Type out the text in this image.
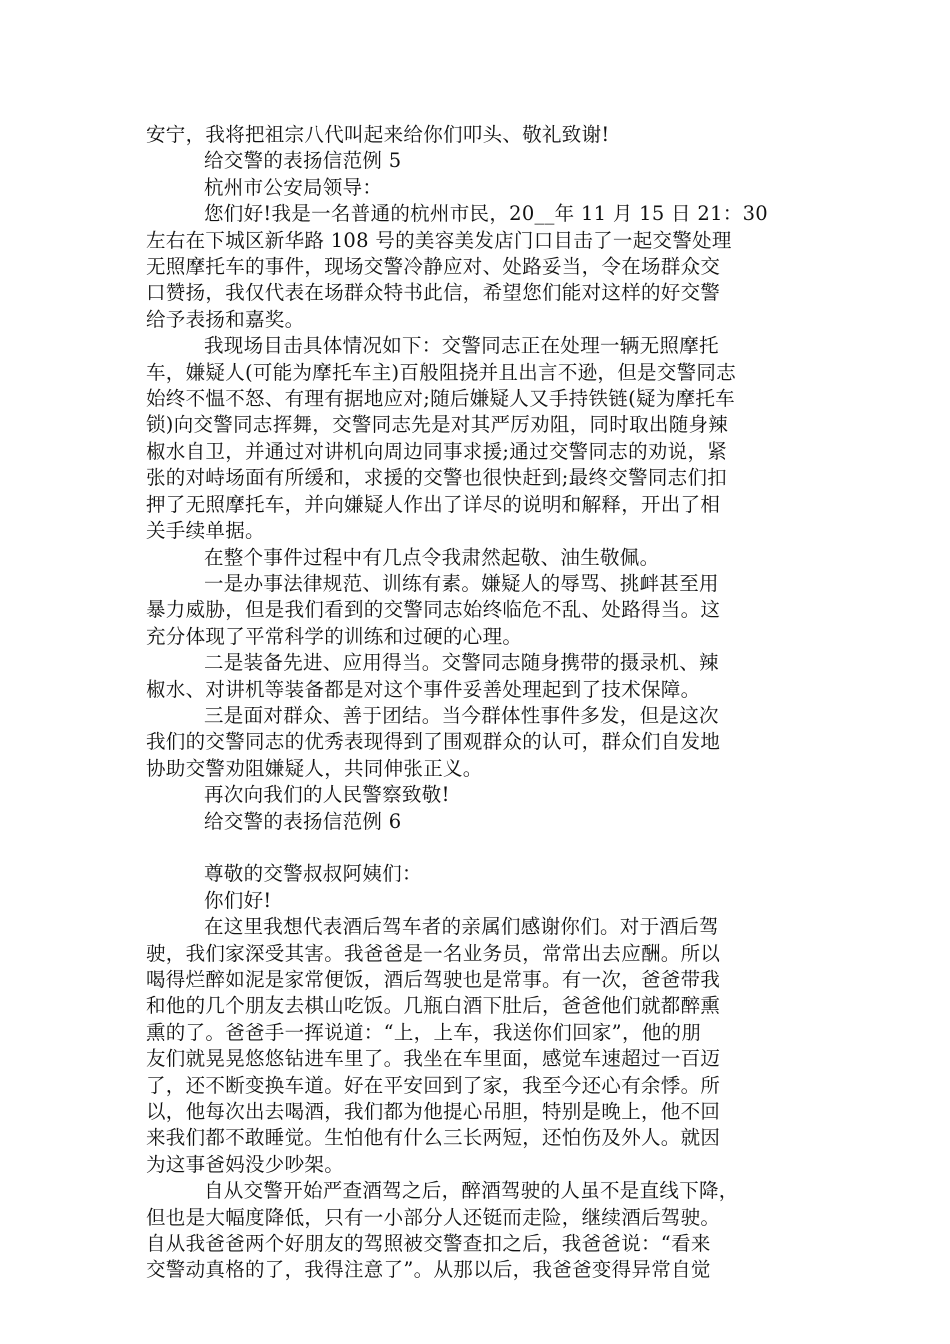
安宁，我将把祖宗八代叫起来给你们叩头、敬礼致谢!
给交警的表扬信范例 5
杭州市公安局领导：
您们好!我是一名普通的杭州市民，20__年 11 月 15 日 21：30
左右在下城区新华路 108 号的美容美发店门口目击了一起交警处理
无照摩托车的事件，现场交警冷静应对、处路妥当，令在场群众交
口赞扬，我仅代表在场群众特书此信，希望您们能对这样的好交警
给予表扬和嘉奖。
我现场目击具体情况如下：交警同志正在处理一辆无照摩托
车，嫌疑人(可能为摩托车主)百般阻挠并且出言不逊，但是交警同志
始终不愠不怒、有理有据地应对;随后嫌疑人又手持铁链(疑为摩托车
锁)向交警同志挥舞，交警同志先是对其严厉劝阻，同时取出随身辣
椒水自卫，并通过对讲机向周边同事求援;通过交警同志的劝说，紧
张的对峙场面有所缓和，求援的交警也很快赶到;最终交警同志们扣
押了无照摩托车，并向嫌疑人作出了详尽的说明和解释，开出了相
关手续单据。
在整个事件过程中有几点令我肃然起敬、油生敬佩。
一是办事法律规范、训练有素。嫌疑人的辱骂、挑衅甚至用
暴力威胁，但是我们看到的交警同志始终临危不乱、处路得当。这
充分体现了平常科学的训练和过硬的心理。
二是装备先进、应用得当。交警同志随身携带的摄录机、辣
椒水、对讲机等装备都是对这个事件妥善处理起到了技术保障。
三是面对群众、善于团结。当今群体性事件多发，但是这次
我们的交警同志的优秀表现得到了围观群众的认可，群众们自发地
协助交警劝阻嫌疑人，共同伸张正义。
再次向我们的人民警察致敬!
给交警的表扬信范例 6
尊敬的交警叔叔阿姨们：
你们好!
在这里我想代表酒后驾车者的亲属们感谢你们。对于酒后驾
驶，我们家深受其害。我爸爸是一名业务员，常常出去应酬。所以
喝得烂醉如泥是家常便饭，酒后驾驶也是常事。有一次，爸爸带我
和他的几个朋友去棋山吃饭。几瓶白酒下肚后，爸爸他们就都醉熏
熏的了。爸爸手一挥说道：“上，上车，我送你们回家”，他的朋
友们就晃晃悠悠钻进车里了。我坐在车里面，感觉车速超过一百迈
了，还不断变换车道。好在平安回到了家，我至今还心有余悸。所
以，他每次出去喝酒，我们都为他提心吊胆，特别是晚上，他不回
来我们都不敢睡觉。生怕他有什么三长两短，还怕伤及外人。就因
为这事爸妈没少吵架。
自从交警开始严查酒驾之后，醉酒驾驶的人虽不是直线下降，
但也是大幅度降低，只有一小部分人还铤而走险，继续酒后驾驶。
自从我爸爸两个好朋友的驾照被交警查扣之后，我爸爸说：“看来
交警动真格的了，我得注意了”。从那以后，我爸爸变得异常自觉
